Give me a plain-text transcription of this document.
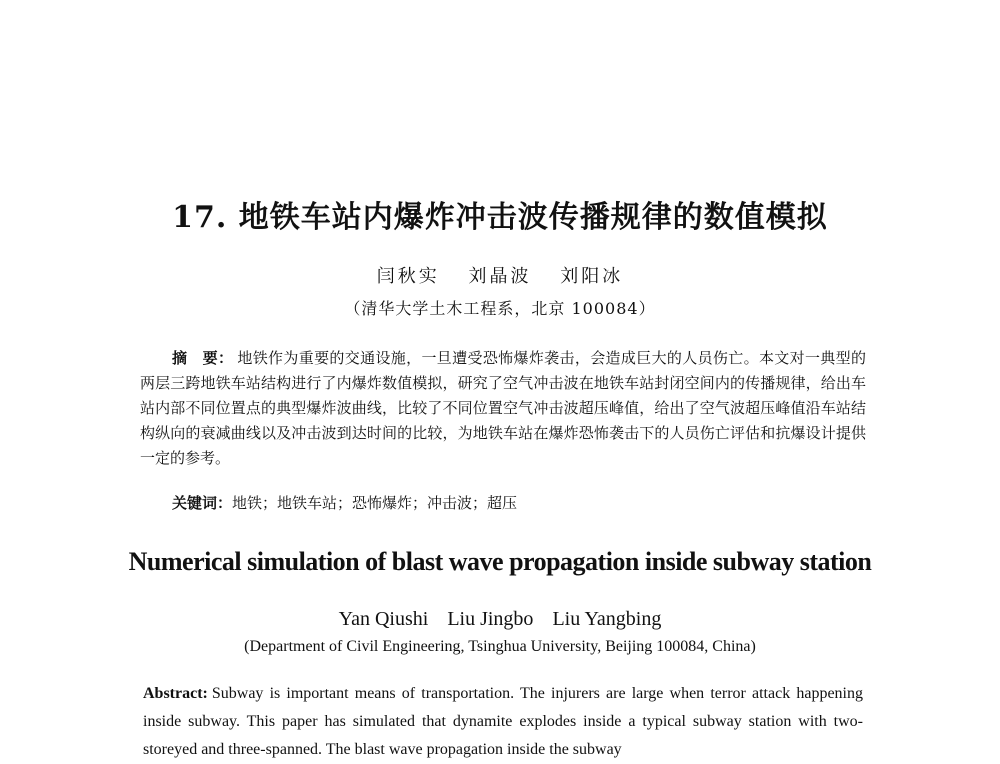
17. 地铁车站内爆炸冲击波传播规律的数值模拟
闫秋实 刘晶波 刘阳冰
（清华大学土木工程系，北京 100084）
摘　要： 地铁作为重要的交通设施，一旦遭受恐怖爆炸袭击，会造成巨大的人员伤亡。本文对一典型的两层三跨地铁车站结构进行了内爆炸数值模拟，研究了空气冲击波在地铁车站封闭空间内的传播规律，给出车站内部不同位置点的典型爆炸波曲线，比较了不同位置空气冲击波超压峰值，给出了空气波超压峰值沿车站结构纵向的衰减曲线以及冲击波到达时间的比较，为地铁车站在爆炸恐怖袭击下的人员伤亡评估和抗爆设计提供一定的参考。
关键词：地铁；地铁车站；恐怖爆炸；冲击波；超压
Numerical simulation of blast wave propagation inside subway station
Yan Qiushi Liu Jingbo Liu Yangbing
(Department of Civil Engineering, Tsinghua University, Beijing 100084, China)
Abstract: Subway is important means of transportation. The injurers are large when terror attack happening inside subway. This paper has simulated that dynamite explodes inside a typical subway station with two-storeyed and three-spanned. The blast wave propagation inside the subway
